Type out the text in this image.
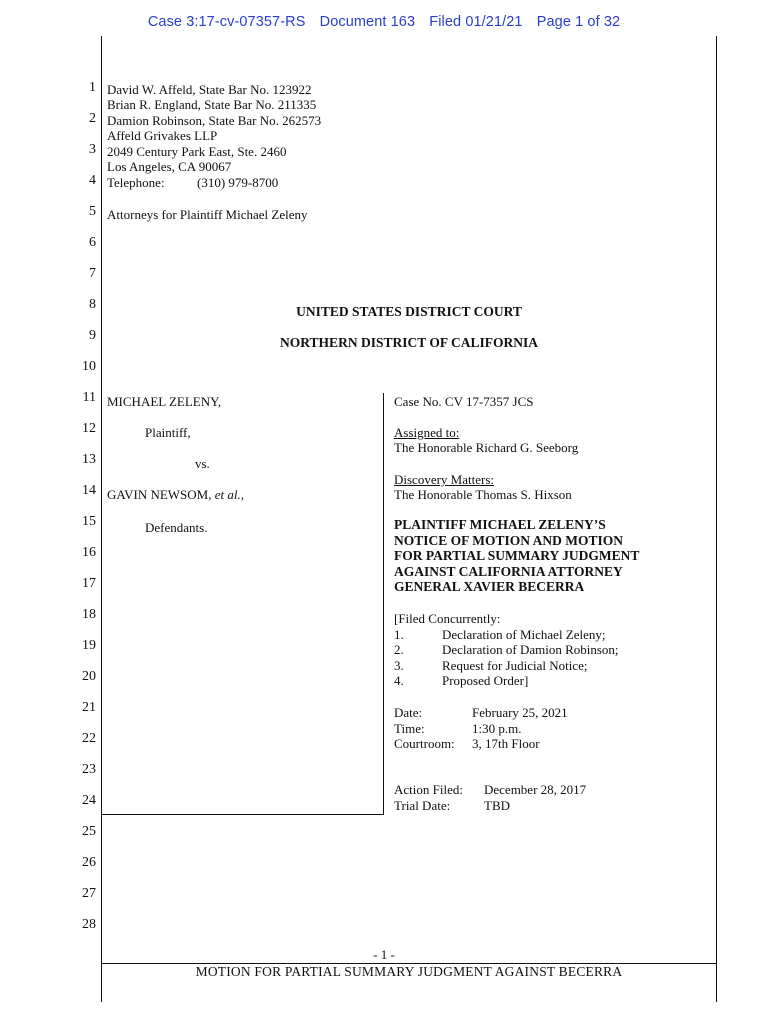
Case 3:17-cv-07357-RS Document 163 Filed 01/21/21 Page 1 of 32
1
2
3
4
5
6
7
8
9
10
11
12
13
14
15
16
17
18
19
20
21
22
23
24
25
26
27
28
David W. Affeld, State Bar No. 123922
Brian R. England, State Bar No. 211335
Damion Robinson, State Bar No. 262573
Affeld Grivakes LLP
2049 Century Park East, Ste. 2460
Los Angeles, CA 90067
Telephone: (310) 979-8700
Attorneys for Plaintiff Michael Zeleny
UNITED STATES DISTRICT COURT
NORTHERN DISTRICT OF CALIFORNIA
MICHAEL ZELENY,
Plaintiff,
vs.
GAVIN NEWSOM, et al.,
Defendants.
Case No. CV 17-7357 JCS
Assigned to:
The Honorable Richard G. Seeborg
Discovery Matters:
The Honorable Thomas S. Hixson
PLAINTIFF MICHAEL ZELENY’S
NOTICE OF MOTION AND MOTION
FOR PARTIAL SUMMARY JUDGMENT
AGAINST CALIFORNIA ATTORNEY
GENERAL XAVIER BECERRA
[Filed Concurrently:
1.	Declaration of Michael Zeleny;
2.	Declaration of Damion Robinson;
3.	Request for Judicial Notice;
4.	Proposed Order]
Date:	February 25, 2021
Time:	1:30 p.m.
Courtroom:	3, 17th Floor
Action Filed:	December 28, 2017
Trial Date:	TBD
- 1 -
MOTION FOR PARTIAL SUMMARY JUDGMENT AGAINST BECERRA
